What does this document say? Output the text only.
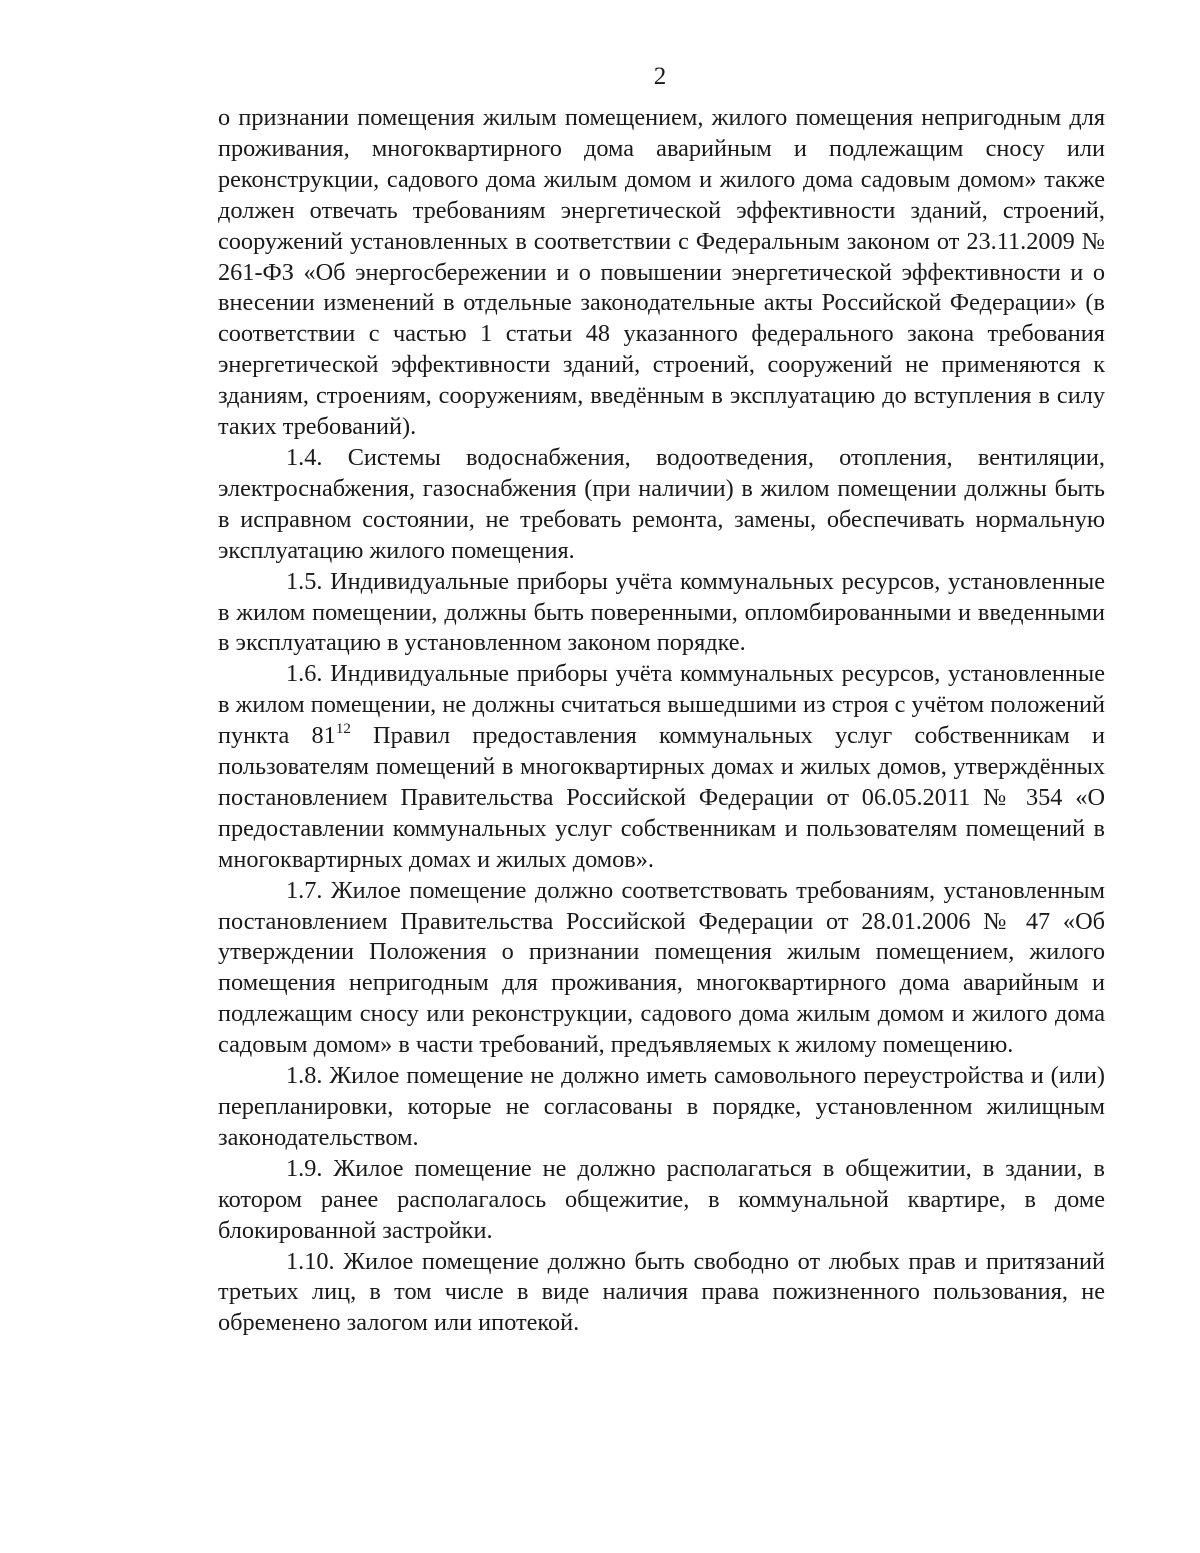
2

о признании помещения жилым помещением, жилого помещения непригодным для проживания, многоквартирного дома аварийным и подлежащим сносу или реконструкции, садового дома жилым домом и жилого дома садовым домом» также должен отвечать требованиям энергетической эффективности зданий, строений, сооружений установленных в соответствии с Федеральным законом от 23.11.2009 № 261-ФЗ «Об энергосбережении и о повышении энергетической эффективности и о внесении изменений в отдельные законодательные акты Российской Федерации» (в соответствии с частью 1 статьи 48 указанного федерального закона требования энергетической эффективности зданий, строений, сооружений не применяются к зданиям, строениям, сооружениям, введённым в эксплуатацию до вступления в силу таких требований).

1.4. Системы водоснабжения, водоотведения, отопления, вентиляции, электроснабжения, газоснабжения (при наличии) в жилом помещении должны быть в исправном состоянии, не требовать ремонта, замены, обеспечивать нормальную эксплуатацию жилого помещения.

1.5. Индивидуальные приборы учёта коммунальных ресурсов, установленные в жилом помещении, должны быть поверенными, опломбированными и введенными в эксплуатацию в установленном законом порядке.

1.6. Индивидуальные приборы учёта коммунальных ресурсов, установленные в жилом помещении, не должны считаться вышедшими из строя с учётом положений пункта $81^{12}$ Правил предоставления коммунальных услуг собственникам и пользователям помещений в многоквартирных домах и жилых домов, утверждённых постановлением Правительства Российской Федерации от 06.05.2011 № 354 «О предоставлении коммунальных услуг собственникам и пользователям помещений в многоквартирных домах и жилых домов».

1.7. Жилое помещение должно соответствовать требованиям, установленным постановлением Правительства Российской Федерации от 28.01.2006 № 47 «Об утверждении Положения о признании помещения жилым помещением, жилого помещения непригодным для проживания, многоквартирного дома аварийным и подлежащим сносу или реконструкции, садового дома жилым домом и жилого дома садовым домом» в части требований, предъявляемых к жилому помещению.

1.8. Жилое помещение не должно иметь самовольного переустройства и (или) перепланировки, которые не согласованы в порядке, установленном жилищным законодательством.

1.9. Жилое помещение не должно располагаться в общежитии, в здании, в котором ранее располагалось общежитие, в коммунальной квартире, в доме блокированной застройки.

1.10. Жилое помещение должно быть свободно от любых прав и притязаний третьих лиц, в том числе в виде наличия права пожизненного пользования, не обременено залогом или ипотекой.
